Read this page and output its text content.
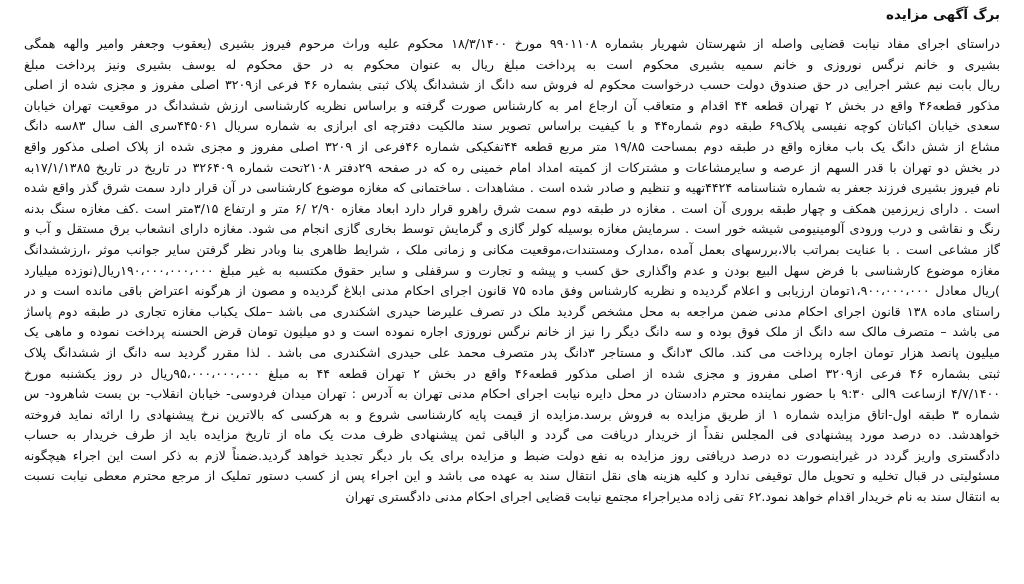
برگ آگهی مزایده
دراستای اجرای مفاد نیابت قضایی واصله از شهرستان شهریار بشماره ۹۹۰۱۱۰۸ مورخ ۱۸/۳/۱۴۰۰ محکوم علیه وراث مرحوم فیروز بشیری (یعقوب وجعفر وامیر والهه همگی
بشیری و خانم نرگس نوروزی و خانم سمیه بشیری محکوم است به پرداخت مبلغ ریال به عنوان محکوم به در حق محکوم له یوسف بشیری ونیز پرداخت مبلغ
ریال بابت نیم عشر اجرایی در حق صندوق دولت حسب درخواست محکوم له فروش سه دانگ از ششدانگ پلاک ثبتی بشماره ۴۶ فرعی از۳۲۰۹ اصلی مفروز و مجزی شده از اصلی
مذکور قطعه۴۶ واقع در بخش ۲ تهران قطعه ۴۴ اقدام و متعاقب آن ارجاع امر به کارشناس صورت گرفته و براساس نظریه کارشناسی ارزش ششدانگ در موقعیت تهران خیابان
سعدی خیابان اکباتان کوچه نفیسی پلاک۶۹ طبقه دوم شماره۴۴ و با کیفیت براساس تصویر سند مالکیت دفترچه ای ابرازی به شماره سریال ۴۴۵۰۶۱سری الف سال ۸۳سه دانگ
مشاع از شش دانگ یک باب مغازه واقع در طبقه دوم بمساحت ۱۹/۸۵ متر مربع قطعه ۴۴تفکیکی شماره ۴۶فرعی از ۳۲۰۹ اصلی مفروز و مجزی شده از پلاک اصلی مذکور واقع
در بخش دو تهران با قدر السهم از عرصه و سایرمشاعات و مشترکات از کمیته امداد امام خمینی ره که در صفحه ۲۹دفتر ۲۱۰۸تحت شماره ۳۲۶۴۰۹ در تاریخ در تاریخ ۱۷/۱/۱۳۸۵به
نام فیروز بشیری فرزند جعفر به شماره شناسنامه ۴۴۲۴تهیه و تنظیم و صادر شده است . مشاهدات . ساختمانی که مغازه موضوع کارشناسی در آن قرار دارد سمت شرق گذر واقع شده
است . دارای زیرزمین همکف و چهار طبقه بروری آن است . مغازه در طبقه دوم سمت شرق راهرو قرار دارد ابعاد مغازه ۲/۹۰ /۶ متر و ارتفاع ۳/۱۵متر است .کف مغازه سنگ بدنه
رنگ و نقاشی و درب ورودی آلومینیومی شیشه خور است . سرمایش مغازه بوسیله کولر گازی و گرمایش توسط بخاری گازی انجام می شود. مغازه دارای انشعاب برق مستقل و آب و
گاز مشاعی است . با عنایت بمراتب بالا،بررسهای بعمل آمده ،مدارک ومستندات،موقعیت مکانی و زمانی ملک ، شرایط ظاهری بنا وبادر نظر گرفتن سایر جوانب موثر ،ارزششدانگ
مغازه موضوع کارشناسی با فرض سهل البیع بودن و عدم واگذاری حق کسب و پیشه و تجارت و سرقفلی و سایر حقوق مکتسبه به غیر مبلغ ۱۹۰،۰۰۰،۰۰۰،۰۰۰ریال(نوزده میلیارد
)ریال معادل ۱،۹۰۰،۰۰۰،۰۰۰تومان ارزیابی و اعلام گردیده و نظریه کارشناس وفق ماده ۷۵ قانون اجرای احکام مدنی ابلاغ گردیده و مصون از هرگونه اعتراض باقی مانده است و در
راستای ماده ۱۳۸ قانون اجرای احکام مدنی ضمن مراجعه به محل مشخص گردید ملک در تصرف علیرضا حیدری اشکندری می باشد –ملک یکباب مغازه تجاری در طبقه دوم پاساژ
می باشد – متصرف مالک سه دانگ از ملک فوق بوده و سه دانگ دیگر را نیز از خانم نرگس نوروزی اجاره نموده است و دو میلیون تومان قرض الحسنه پرداخت نموده و ماهی یک
میلیون پانصد هزار تومان اجاره پرداخت می کند. مالک ۳دانگ و مستاجر ۳دانگ پدر متصرف محمد علی حیدری اشکندری می باشد . لذا مقرر گردید سه دانگ از ششدانگ پلاک
ثبتی بشماره ۴۶ فرعی از۳۲۰۹ اصلی مفروز و مجزی شده از اصلی مذکور قطعه۴۶ واقع در بخش ۲ تهران قطعه ۴۴ به مبلغ ۹۵،۰۰۰،۰۰۰،۰۰۰ریال در روز یکشنبه مورخ
۴/۷/۱۴۰۰ ازساعت ۹الی ۹:۳۰ با حضور نماینده محترم دادستان در محل دایره نیابت اجرای احکام مدنی تهران به آدرس : تهران میدان فردوسی- خیابان انقلاب- بن بست شاهرود- س
شماره ۳ طبقه اول-اتاق مزایده شماره ۱ از طریق مزایده به فروش برسد.مزایده از قیمت پایه کارشناسی شروع و به هرکسی که بالاترین نرخ پیشنهادی را ارائه نماید فروخته
خواهدشد. ده درصد مورد پیشنهادی فی المجلس نقداً از خریدار دریافت می گردد و الباقی ثمن پیشنهادی ظرف مدت یک ماه از تاریخ مزایده باید از طرف خریدار به حساب
دادگستری واریز گردد در غیراینصورت ده درصد دریافتی روز مزایده به نفع دولت ضبط و مزایده برای یک بار دیگر تجدید خواهد گردید.ضمناً لازم به ذکر است این اجراء هیچگونه
مسئولیتی در قبال تخلیه و تحویل مال توقیفی ندارد و کلیه هزینه های نقل انتقال سند به عهده می باشد و این اجراء پس از کسب دستور تملیک از مرجع محترم معطی نیابت نسبت
به انتقال سند به نام خریدار اقدام خواهد نمود.۶۲ تقی زاده مدیراجراء مجتمع نیابت قضایی اجرای احکام مدنی دادگستری تهران
